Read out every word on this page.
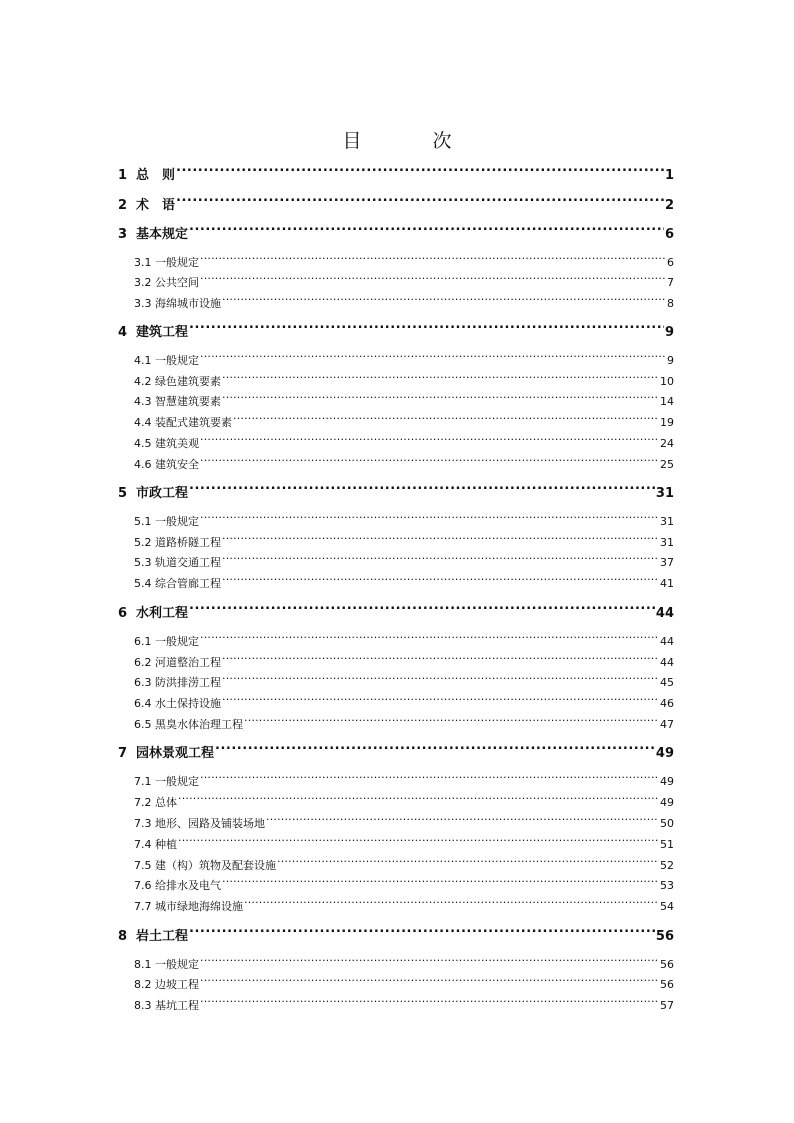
目　次
1 总　则 .....	1
2 术　语 .....	2
3 基本规定 .....	6
3.1 一般规定 .....	6
3.2 公共空间 .....	7
3.3 海绵城市设施 .....	8
4 建筑工程 .....	9
4.1 一般规定 .....	9
4.2 绿色建筑要素 .....	10
4.3 智慧建筑要素 .....	14
4.4 装配式建筑要素 .....	19
4.5 建筑美观 .....	24
4.6 建筑安全 .....	25
5 市政工程 .....	31
5.1 一般规定 .....	31
5.2 道路桥隧工程 .....	31
5.3 轨道交通工程 .....	37
5.4 综合管廊工程 .....	41
6 水利工程 .....	44
6.1 一般规定 .....	44
6.2 河道整治工程 .....	44
6.3 防洪排涝工程 .....	45
6.4 水土保持设施 .....	46
6.5 黑臭水体治理工程 .....	47
7 园林景观工程 .....	49
7.1 一般规定 .....	49
7.2 总体 .....	49
7.3 地形、园路及铺装场地 .....	50
7.4 种植 .....	51
7.5 建（构）筑物及配套设施 .....	52
7.6 给排水及电气 .....	53
7.7 城市绿地海绵设施 .....	54
8 岩土工程 .....	56
8.1 一般规定 .....	56
8.2 边坡工程 .....	56
8.3 基坑工程 .....	57
